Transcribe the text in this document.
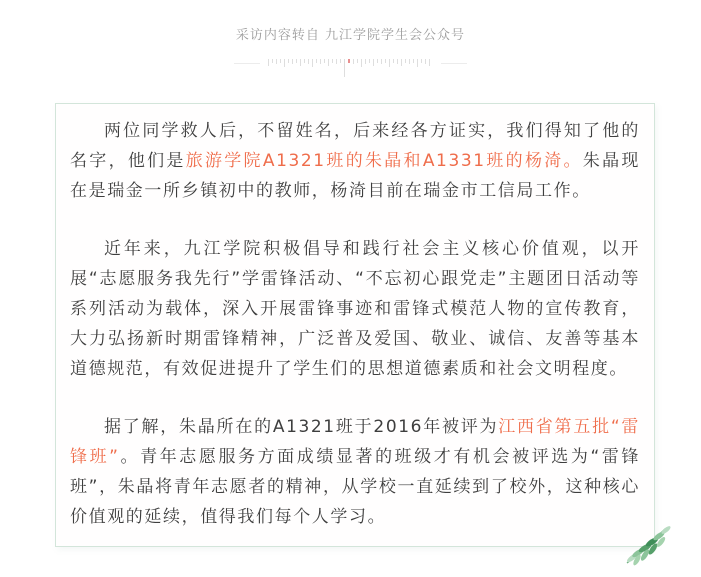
采访内容转自 九江学院学生会公众号

两位同学救人后，不留姓名，后来经各方证实，我们得知了他的名字，他们是旅游学院A1321班的朱晶和A1331班的杨渏。朱晶现在是瑞金一所乡镇初中的教师，杨渏目前在瑞金市工信局工作。

近年来，九江学院积极倡导和践行社会主义核心价值观，以开展“志愿服务我先行”学雷锋活动、“不忘初心跟党走”主题团日活动等系列活动为载体，深入开展雷锋事迹和雷锋式模范人物的宣传教育，大力弘扬新时期雷锋精神，广泛普及爱国、敬业、诚信、友善等基本道德规范，有效促进提升了学生们的思想道德素质和社会文明程度。

据了解，朱晶所在的A1321班于2016年被评为江西省第五批“雷锋班”。青年志愿服务方面成绩显著的班级才有机会被评选为“雷锋班”，朱晶将青年志愿者的精神，从学校一直延续到了校外，这种核心价值观的延续，值得我们每个人学习。
